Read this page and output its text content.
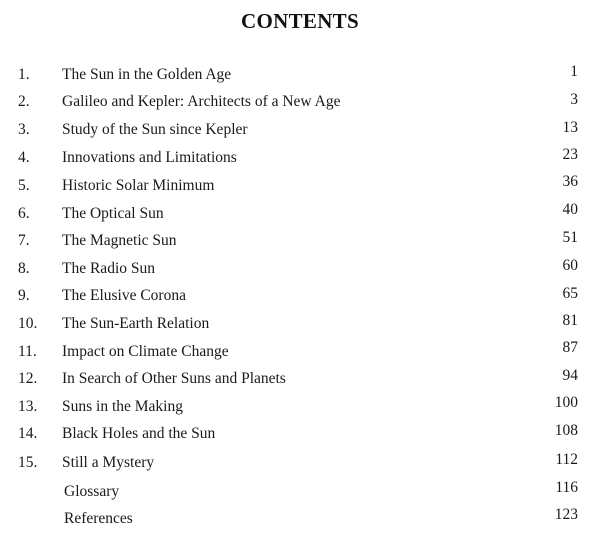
CONTENTS
1.	The Sun in the Golden Age	1
2.	Galileo and Kepler: Architects of a New Age	3
3.	Study of the Sun since Kepler	13
4.	Innovations and Limitations	23
5.	Historic Solar Minimum	36
6.	The Optical Sun	40
7.	The Magnetic Sun	51
8.	The Radio Sun	60
9.	The Elusive Corona	65
10.	The Sun-Earth Relation	81
11.	Impact on Climate Change	87
12.	In Search of Other Suns and Planets	94
13.	Suns in the Making	100
14.	Black Holes and the Sun	108
15.	Still a Mystery	112
Glossary	116
References	123
